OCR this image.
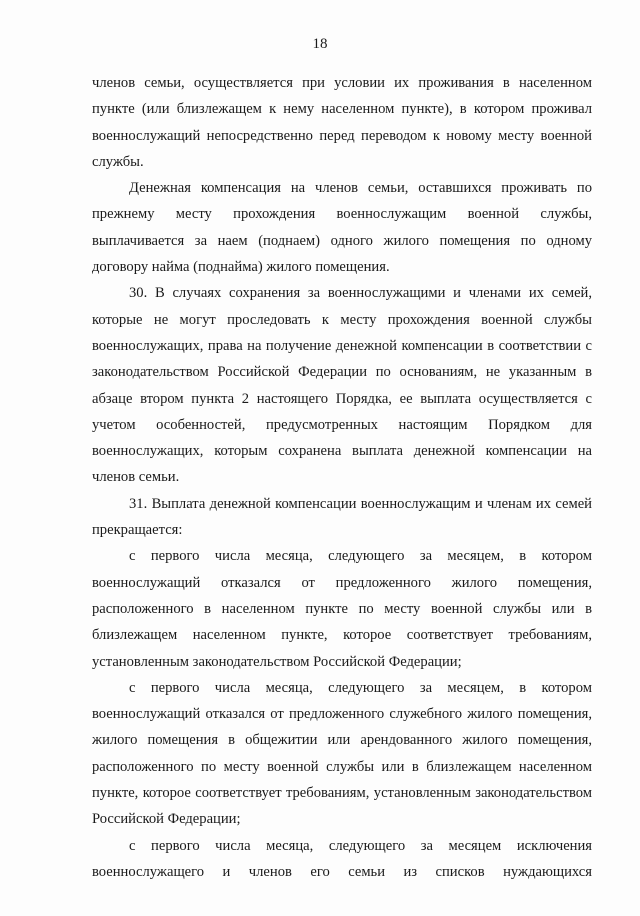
18

членов семьи, осуществляется при условии их проживания в населенном пункте (или близлежащем к нему населенном пункте), в котором проживал военнослужащий непосредственно перед переводом к новому месту военной службы.

Денежная компенсация на членов семьи, оставшихся проживать по прежнему месту прохождения военнослужащим военной службы, выплачивается за наем (поднаем) одного жилого помещения по одному договору найма (поднайма) жилого помещения.

30. В случаях сохранения за военнослужащими и членами их семей, которые не могут проследовать к месту прохождения военной службы военнослужащих, права на получение денежной компенсации в соответствии с законодательством Российской Федерации по основаниям, не указанным в абзаце втором пункта 2 настоящего Порядка, ее выплата осуществляется с учетом особенностей, предусмотренных настоящим Порядком для военнослужащих, которым сохранена выплата денежной компенсации на членов семьи.

31. Выплата денежной компенсации военнослужащим и членам их семей прекращается:

с первого числа месяца, следующего за месяцем, в котором военнослужащий отказался от предложенного жилого помещения, расположенного в населенном пункте по месту военной службы или в близлежащем населенном пункте, которое соответствует требованиям, установленным законодательством Российской Федерации;

с первого числа месяца, следующего за месяцем, в котором военнослужащий отказался от предложенного служебного жилого помещения, жилого помещения в общежитии или арендованного жилого помещения, расположенного по месту военной службы или в близлежащем населенном пункте, которое соответствует требованиям, установленным законодательством Российской Федерации;

с первого числа месяца, следующего за месяцем исключения военнослужащего и членов его семьи из списков нуждающихся
